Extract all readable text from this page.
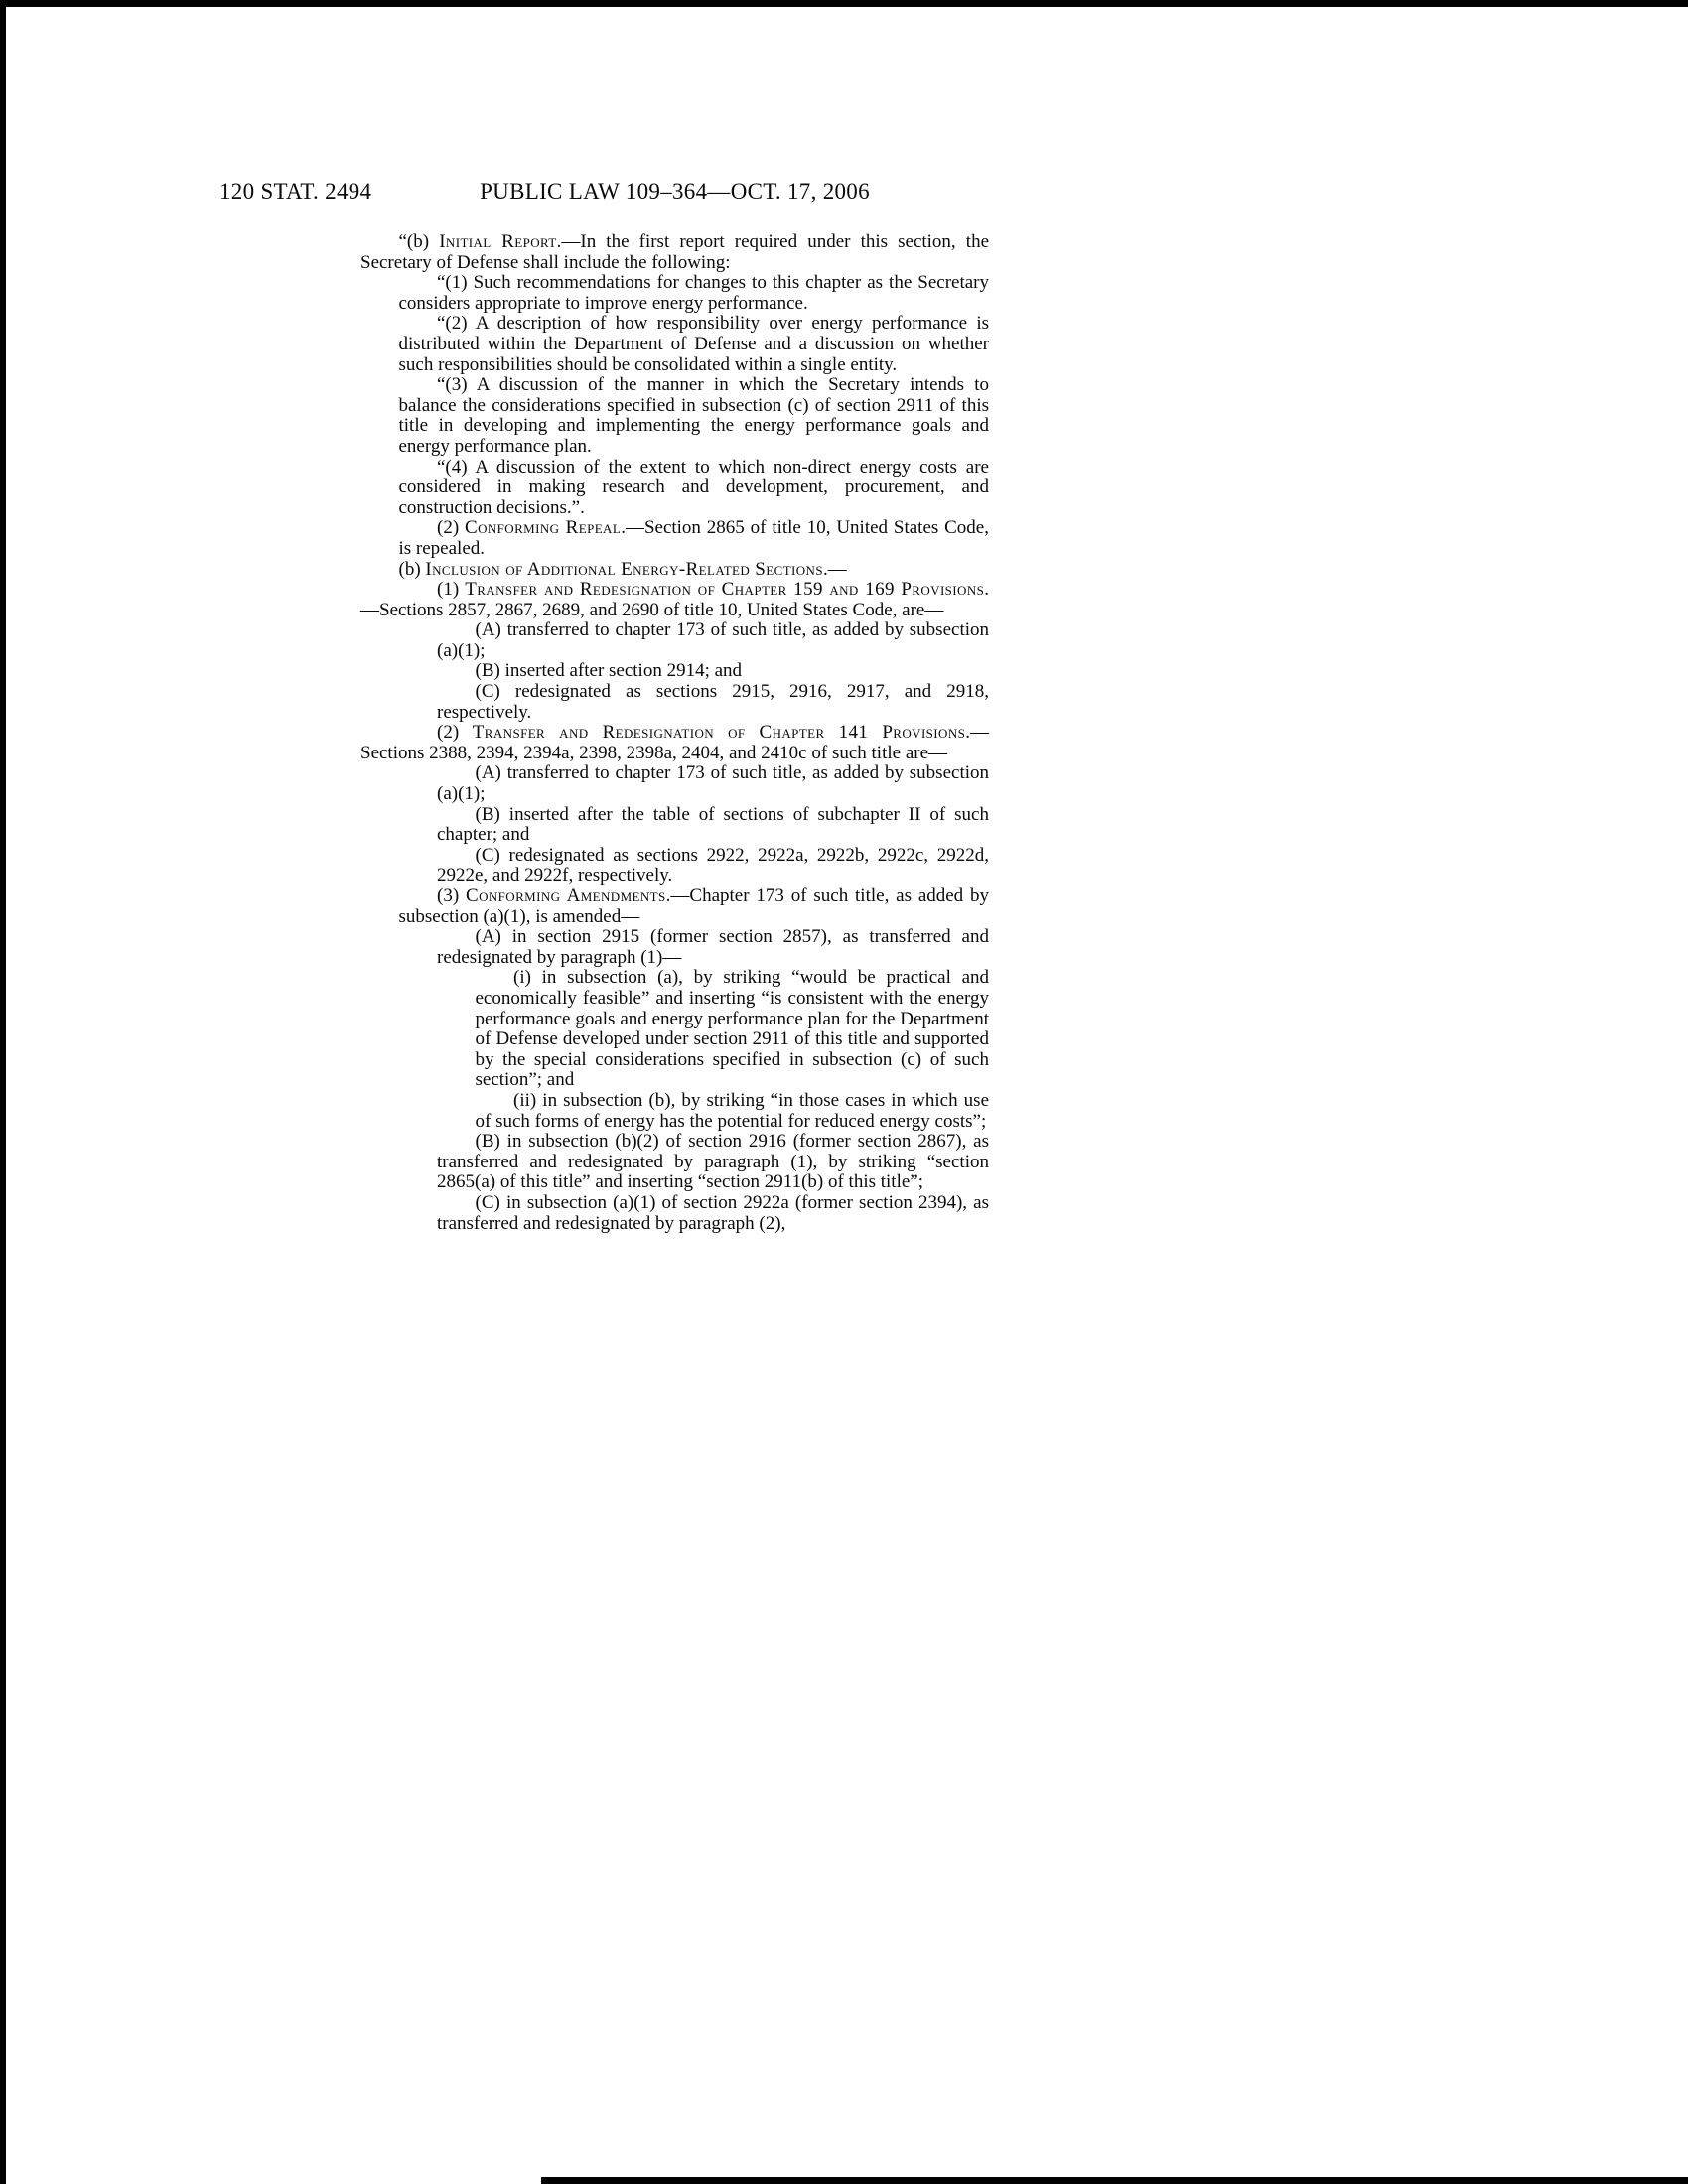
120 STAT. 2494	PUBLIC LAW 109–364—OCT. 17, 2006

“(b) Initial Report.—In the first report required under this section, the Secretary of Defense shall include the following:

“(1) Such recommendations for changes to this chapter as the Secretary considers appropriate to improve energy performance.

“(2) A description of how responsibility over energy performance is distributed within the Department of Defense and a discussion on whether such responsibilities should be consolidated within a single entity.

“(3) A discussion of the manner in which the Secretary intends to balance the considerations specified in subsection (c) of section 2911 of this title in developing and implementing the energy performance goals and energy performance plan.

“(4) A discussion of the extent to which non-direct energy costs are considered in making research and development, procurement, and construction decisions.”.

(2) Conforming Repeal.—Section 2865 of title 10, United States Code, is repealed.

(b) Inclusion of Additional Energy-Related Sections.—

(1) Transfer and Redesignation of Chapter 159 and 169 Provisions.—Sections 2857, 2867, 2689, and 2690 of title 10, United States Code, are—

(A) transferred to chapter 173 of such title, as added by subsection (a)(1);

(B) inserted after section 2914; and

(C) redesignated as sections 2915, 2916, 2917, and 2918, respectively.

(2) Transfer and Redesignation of Chapter 141 Provisions.—Sections 2388, 2394, 2394a, 2398, 2398a, 2404, and 2410c of such title are—

(A) transferred to chapter 173 of such title, as added by subsection (a)(1);

(B) inserted after the table of sections of subchapter II of such chapter; and

(C) redesignated as sections 2922, 2922a, 2922b, 2922c, 2922d, 2922e, and 2922f, respectively.

(3) Conforming Amendments.—Chapter 173 of such title, as added by subsection (a)(1), is amended—

(A) in section 2915 (former section 2857), as transferred and redesignated by paragraph (1)—

(i) in subsection (a), by striking “would be practical and economically feasible” and inserting “is consistent with the energy performance goals and energy performance plan for the Department of Defense developed under section 2911 of this title and supported by the special considerations specified in subsection (c) of such section”; and

(ii) in subsection (b), by striking “in those cases in which use of such forms of energy has the potential for reduced energy costs”;

(B) in subsection (b)(2) of section 2916 (former section 2867), as transferred and redesignated by paragraph (1), by striking “section 2865(a) of this title” and inserting “section 2911(b) of this title”;

(C) in subsection (a)(1) of section 2922a (former section 2394), as transferred and redesignated by paragraph (2),
